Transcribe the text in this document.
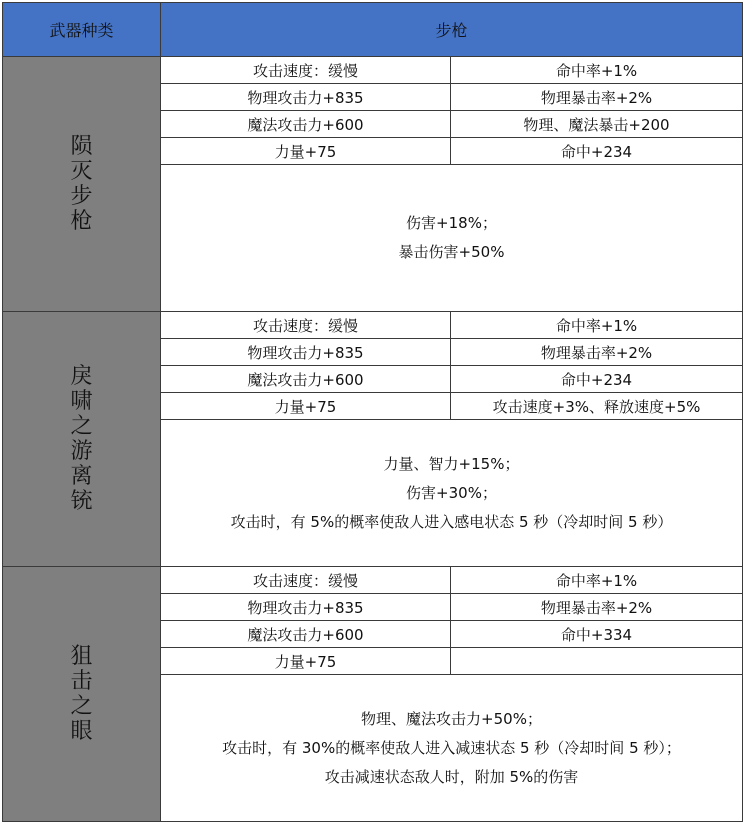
武器种类	步枪	
陨灭步枪	攻击速度：缓慢	命中率+1%
	物理攻击力+835	物理暴击率+2%
	魔法攻击力+600	物理、魔法暴击+200
	力量+75	命中+234

	伤害+18%；
暴击伤害+50%	

戾啸之游离铳	攻击速度：缓慢	命中率+1%
	物理攻击力+835	物理暴击率+2%
	魔法攻击力+600	命中+234
	力量+75	攻击速度+3%、释放速度+5%

	力量、智力+15%；
伤害+30%；
攻击时，有 5%的概率使敌人进入感电状态 5 秒（冷却时间 5 秒）	

狙击之眼	攻击速度：缓慢	命中率+1%
	物理攻击力+835	物理暴击率+2%
	魔法攻击力+600	命中+334
	力量+75	

	物理、魔法攻击力+50%；
攻击时，有 30%的概率使敌人进入减速状态 5 秒（冷却时间 5 秒）；
攻击减速状态敌人时，附加 5%的伤害	
